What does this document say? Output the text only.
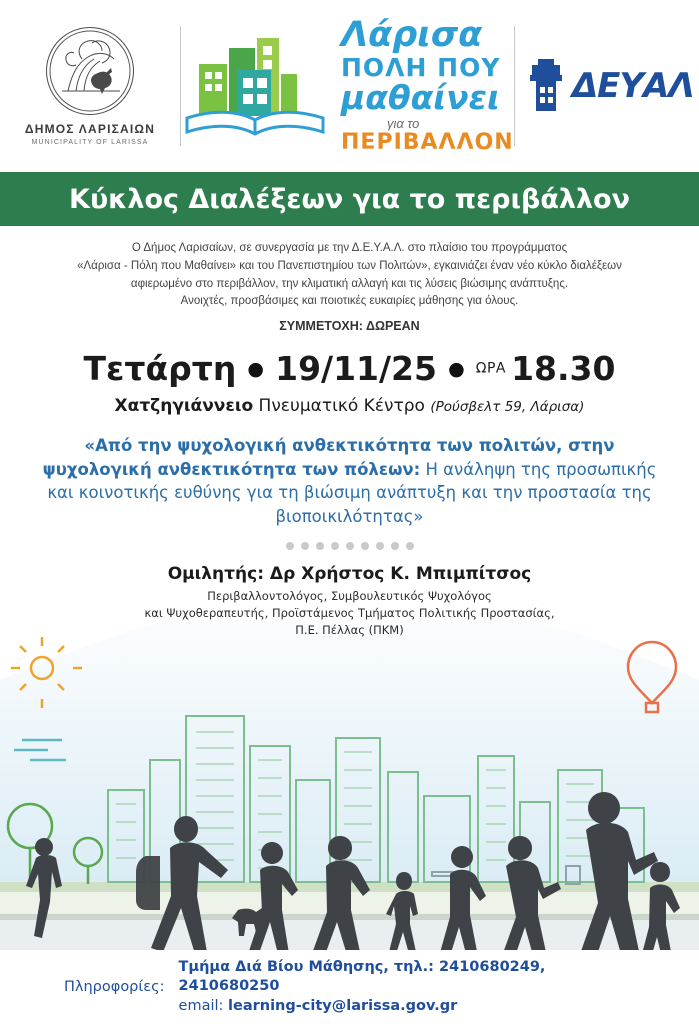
ΔΗΜΟΣ ΛΑΡΙΣΑΙΩΝ
MUNICIPALITY OF LARISSA
Λάρισα
ΠΟΛΗ ΠΟΥ
μαθαίνει
για το
ΠΕΡΙΒΑΛΛΟΝ
ΔΕΥΑΛ
Κύκλος Διαλέξεων για το περιβάλλον

Ο Δήμος Λαρισαίων, σε συνεργασία με την Δ.Ε.Υ.Α.Λ. στο πλαίσιο του προγράμματος

«Λάρισα - Πόλη που Μαθαίνει» και του Πανεπιστημίου των Πολιτών», εγκαινιάζει έναν νέο κύκλο διαλέξεων

αφιερωμένο στο περιβάλλον, την κλιματική αλλαγή και τις λύσεις βιώσιμης ανάπτυξης.

Ανοιχτές, προσβάσιμες και ποιοτικές ευκαιρίες μάθησης για όλους.

ΣΥΜΜΕΤΟΧΗ: ΔΩΡΕΑΝ
Τετάρτη ● 19/11/25 ● ΩΡΑ 18.30
Χατζηγιάννειο Πνευματικό Κέντρο (Ρούσβελτ 59, Λάρισα)
«Από την ψυχολογική ανθεκτικότητα των πολιτών, στην ψυχολογική ανθεκτικότητα των πόλεων: Η ανάληψη της προσωπικής και κοινοτικής ευθύνης για τη βιώσιμη ανάπτυξη και την προστασία της βιοποικιλότητας»
Ομιλητής: Δρ Χρήστος Κ. Μπιμπίτσος
Περιβαλλοντολόγος, Συμβουλευτικός Ψυχολόγος
και Ψυχοθεραπευτής, Προϊστάμενος Τμήματος Πολιτικής Προστασίας,
Π.Ε. Πέλλας (ΠΚΜ)
Πληροφορίες:
Τμήμα Διά Βίου Μάθησης, τηλ.: 2410680249, 2410680250
email: learning-city@larissa.gov.gr
